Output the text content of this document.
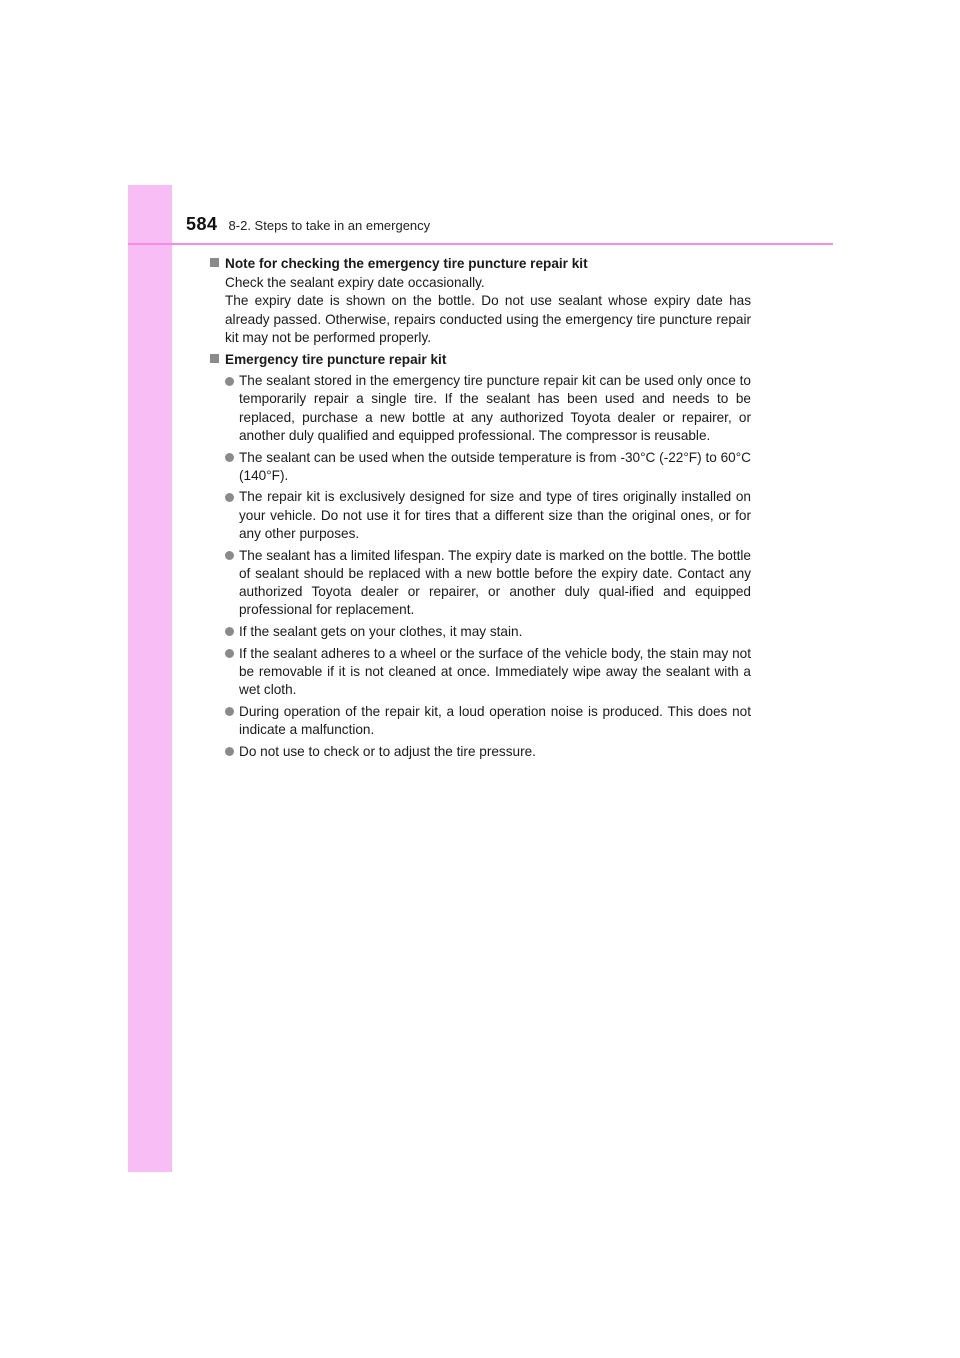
584 8-2. Steps to take in an emergency
Note for checking the emergency tire puncture repair kit

Check the sealant expiry date occasionally.

The expiry date is shown on the bottle. Do not use sealant whose expiry date has already passed. Otherwise, repairs conducted using the emergency tire puncture repair kit may not be performed properly.

Emergency tire puncture repair kit
The sealant stored in the emergency tire puncture repair kit can be used only once to temporarily repair a single tire. If the sealant has been used and needs to be replaced, purchase a new bottle at any authorized Toyota dealer or repairer, or another duly qualified and equipped professional. The compressor is reusable.
The sealant can be used when the outside temperature is from -30°C (-22°F) to 60°C (140°F).
The repair kit is exclusively designed for size and type of tires originally installed on your vehicle. Do not use it for tires that a different size than the original ones, or for any other purposes.
The sealant has a limited lifespan. The expiry date is marked on the bottle. The bottle of sealant should be replaced with a new bottle before the expiry date. Contact any authorized Toyota dealer or repairer, or another duly qual-ified and equipped professional for replacement.
If the sealant gets on your clothes, it may stain.
If the sealant adheres to a wheel or the surface of the vehicle body, the stain may not be removable if it is not cleaned at once. Immediately wipe away the sealant with a wet cloth.
During operation of the repair kit, a loud operation noise is produced. This does not indicate a malfunction.
Do not use to check or to adjust the tire pressure.
